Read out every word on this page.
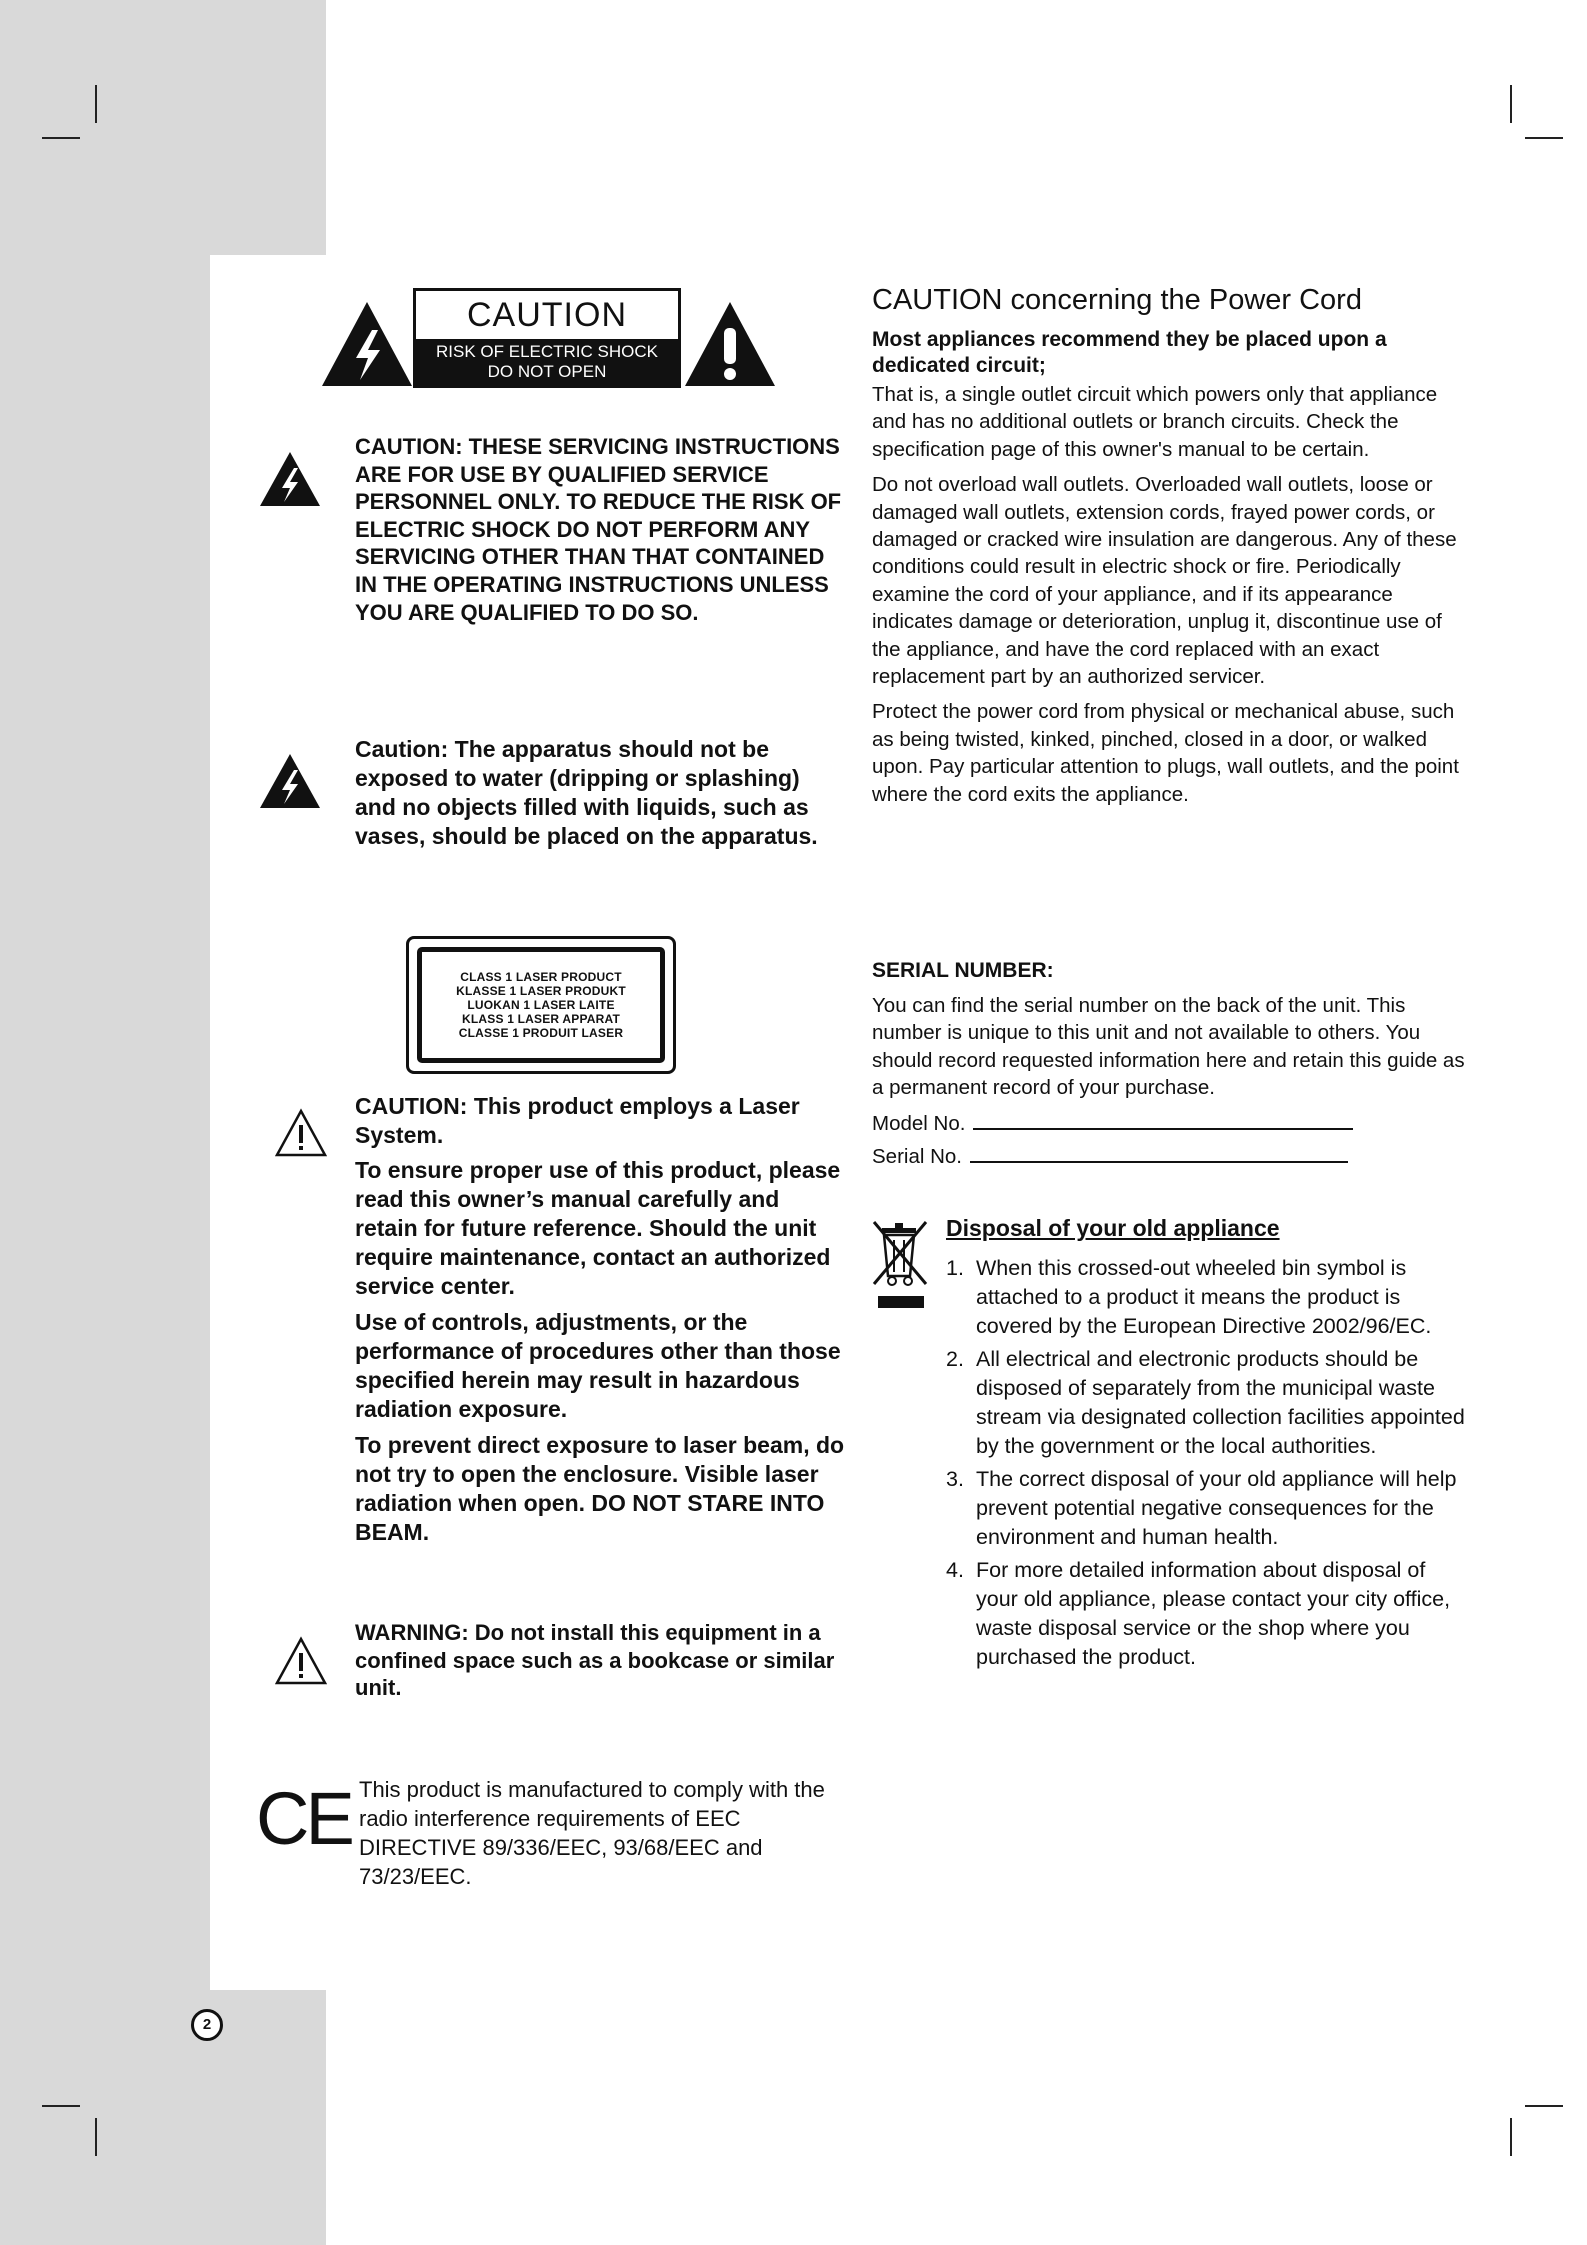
CAUTION
RISK OF ELECTRIC SHOCK
DO NOT OPEN

CAUTION: THESE SERVICING INSTRUCTIONS ARE FOR USE BY QUALIFIED SERVICE PERSONNEL ONLY. TO REDUCE THE RISK OF ELECTRIC SHOCK DO NOT PERFORM ANY SERVICING OTHER THAN THAT CONTAINED IN THE OPERATING INSTRUCTIONS UNLESS YOU ARE QUALIFIED TO DO SO.

Caution: The apparatus should not be exposed to water (dripping or splashing) and no objects filled with liquids, such as vases, should be placed on the apparatus.

CLASS 1 LASER PRODUCT
KLASSE 1 LASER PRODUKT
LUOKAN 1 LASER LAITE
KLASS 1 LASER APPARAT
CLASSE 1 PRODUIT LASER

CAUTION: This product employs a Laser System.

To ensure proper use of this product, please read this owner’s manual carefully and retain for future reference. Should the unit require maintenance, contact an authorized service center.

Use of controls, adjustments, or the performance of procedures other than those specified herein may result in hazardous radiation exposure.

To prevent direct exposure to laser beam, do not try to open the enclosure. Visible laser radiation when open. DO NOT STARE INTO BEAM.

WARNING: Do not install this equipment in a confined space such as a bookcase or similar unit.

CE This product is manufactured to comply with the radio interference requirements of EEC DIRECTIVE 89/336/EEC, 93/68/EEC and 73/23/EEC.

CAUTION concerning the Power Cord

Most appliances recommend they be placed upon a dedicated circuit;

That is, a single outlet circuit which powers only that appliance and has no additional outlets or branch circuits. Check the specification page of this owner's manual to be certain.

Do not overload wall outlets. Overloaded wall outlets, loose or damaged wall outlets, extension cords, frayed power cords, or damaged or cracked wire insulation are dangerous. Any of these conditions could result in electric shock or fire. Periodically examine the cord of your appliance, and if its appearance indicates damage or deterioration, unplug it, discontinue use of the appliance, and have the cord replaced with an exact replacement part by an authorized servicer.

Protect the power cord from physical or mechanical abuse, such as being twisted, kinked, pinched, closed in a door, or walked upon. Pay particular attention to plugs, wall outlets, and the point where the cord exits the appliance.

SERIAL NUMBER:

You can find the serial number on the back of the unit. This number is unique to this unit and not available to others. You should record requested information here and retain this guide as a permanent record of your purchase.

Model No.
Serial No.

Disposal of your old appliance

1. When this crossed-out wheeled bin symbol is attached to a product it means the product is covered by the European Directive 2002/96/EC.
2. All electrical and electronic products should be disposed of separately from the municipal waste stream via designated collection facilities appointed by the government or the local authorities.
3. The correct disposal of your old appliance will help prevent potential negative consequences for the environment and human health.
4. For more detailed information about disposal of your old appliance, please contact your city office, waste disposal service or the shop where you purchased the product.
2
